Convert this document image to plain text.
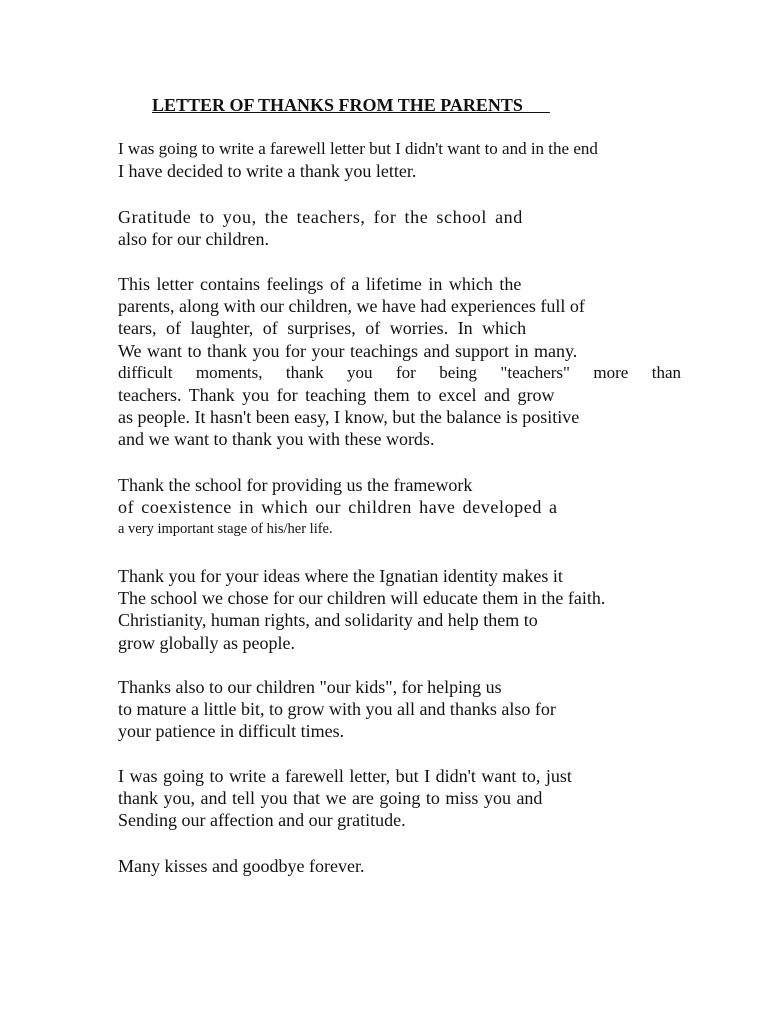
LETTER OF THANKS FROM THE PARENTS
I was going to write a farewell letter but I didn't want to and in the end
I have decided to write a thank you letter.
Gratitude to you, the teachers, for the school and
also for our children.
This letter contains feelings of a lifetime in which the
parents, along with our children, we have had experiences full of
tears, of laughter, of surprises, of worries. In which
We want to thank you for your teachings and support in many.
difficult moments, thank you for being "teachers" more than
teachers. Thank you for teaching them to excel and grow
as people. It hasn't been easy, I know, but the balance is positive
and we want to thank you with these words.
Thank the school for providing us the framework
of coexistence in which our children have developed a
a very important stage of his/her life.
Thank you for your ideas where the Ignatian identity makes it
The school we chose for our children will educate them in the faith.
Christianity, human rights, and solidarity and help them to
grow globally as people.
Thanks also to our children "our kids", for helping us
to mature a little bit, to grow with you all and thanks also for
your patience in difficult times.
I was going to write a farewell letter, but I didn't want to, just
thank you, and tell you that we are going to miss you and
Sending our affection and our gratitude.
Many kisses and goodbye forever.
